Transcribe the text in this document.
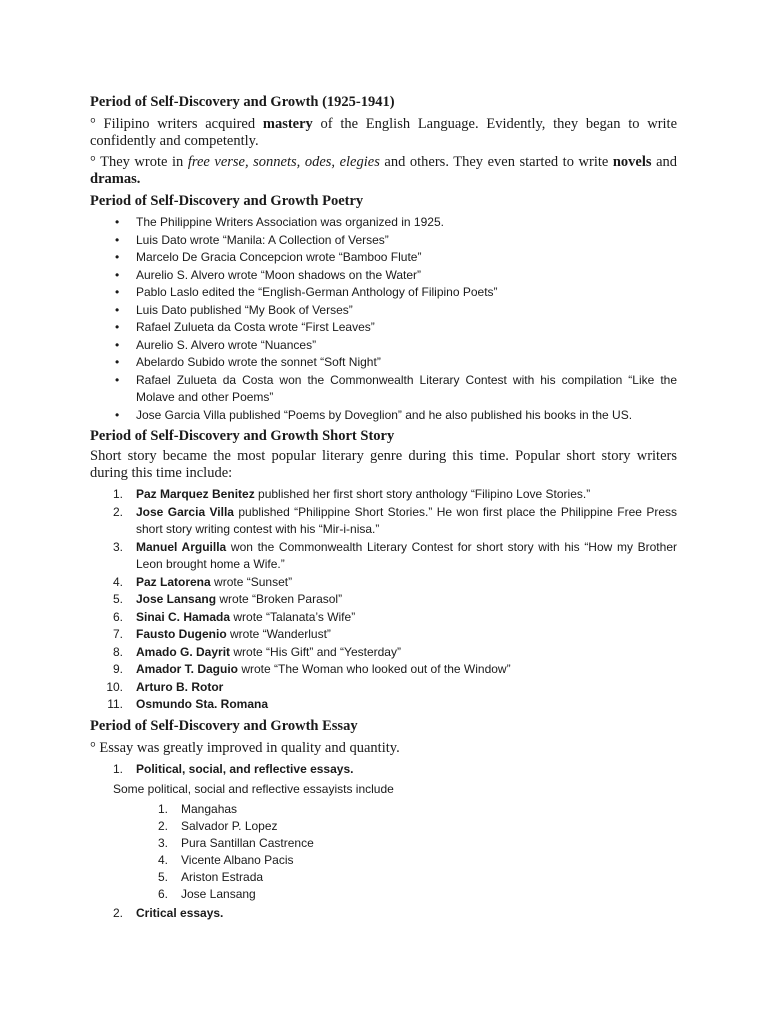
Period of Self-Discovery and Growth (1925-1941)

° Filipino writers acquired mastery of the English Language. Evidently, they began to write confidently and competently.

° They wrote in free verse, sonnets, odes, elegies and others. They even started to write novels and dramas.

Period of Self-Discovery and Growth Poetry
• The Philippine Writers Association was organized in 1925.
• Luis Dato wrote “Manila: A Collection of Verses”
• Marcelo De Gracia Concepcion wrote “Bamboo Flute”
• Aurelio S. Alvero wrote “Moon shadows on the Water”
• Pablo Laslo edited the “English-German Anthology of Filipino Poets”
• Luis Dato published “My Book of Verses”
• Rafael Zulueta da Costa wrote “First Leaves”
• Aurelio S. Alvero wrote “Nuances”
• Abelardo Subido wrote the sonnet “Soft Night”
• Rafael Zulueta da Costa won the Commonwealth Literary Contest with his compilation “Like the Molave and other Poems”
• Jose Garcia Villa published “Poems by Doveglion” and he also published his books in the US.
Period of Self-Discovery and Growth Short Story

Short story became the most popular literary genre during this time. Popular short story writers during this time include:

1. Paz Marquez Benitez published her first short story anthology “Filipino Love Stories.”
2. Jose Garcia Villa published “Philippine Short Stories.” He won first place the Philippine Free Press short story writing contest with his “Mir-i-nisa.”
3. Manuel Arguilla won the Commonwealth Literary Contest for short story with his “How my Brother Leon brought home a Wife.”
4. Paz Latorena wrote “Sunset”
5. Jose Lansang wrote “Broken Parasol”
6. Sinai C. Hamada wrote “Talanata’s Wife”
7. Fausto Dugenio wrote “Wanderlust”
8. Amado G. Dayrit wrote “His Gift” and “Yesterday”
9. Amador T. Daguio wrote “The Woman who looked out of the Window”
10. Arturo B. Rotor
11. Osmundo Sta. Romana
Period of Self-Discovery and Growth Essay

° Essay was greatly improved in quality and quantity.

1. Political, social, and reflective essays.
Some political, social and reflective essayists include
1. Mangahas
2. Salvador P. Lopez
3. Pura Santillan Castrence
4. Vicente Albano Pacis
5. Ariston Estrada
6. Jose Lansang
2. Critical essays.
